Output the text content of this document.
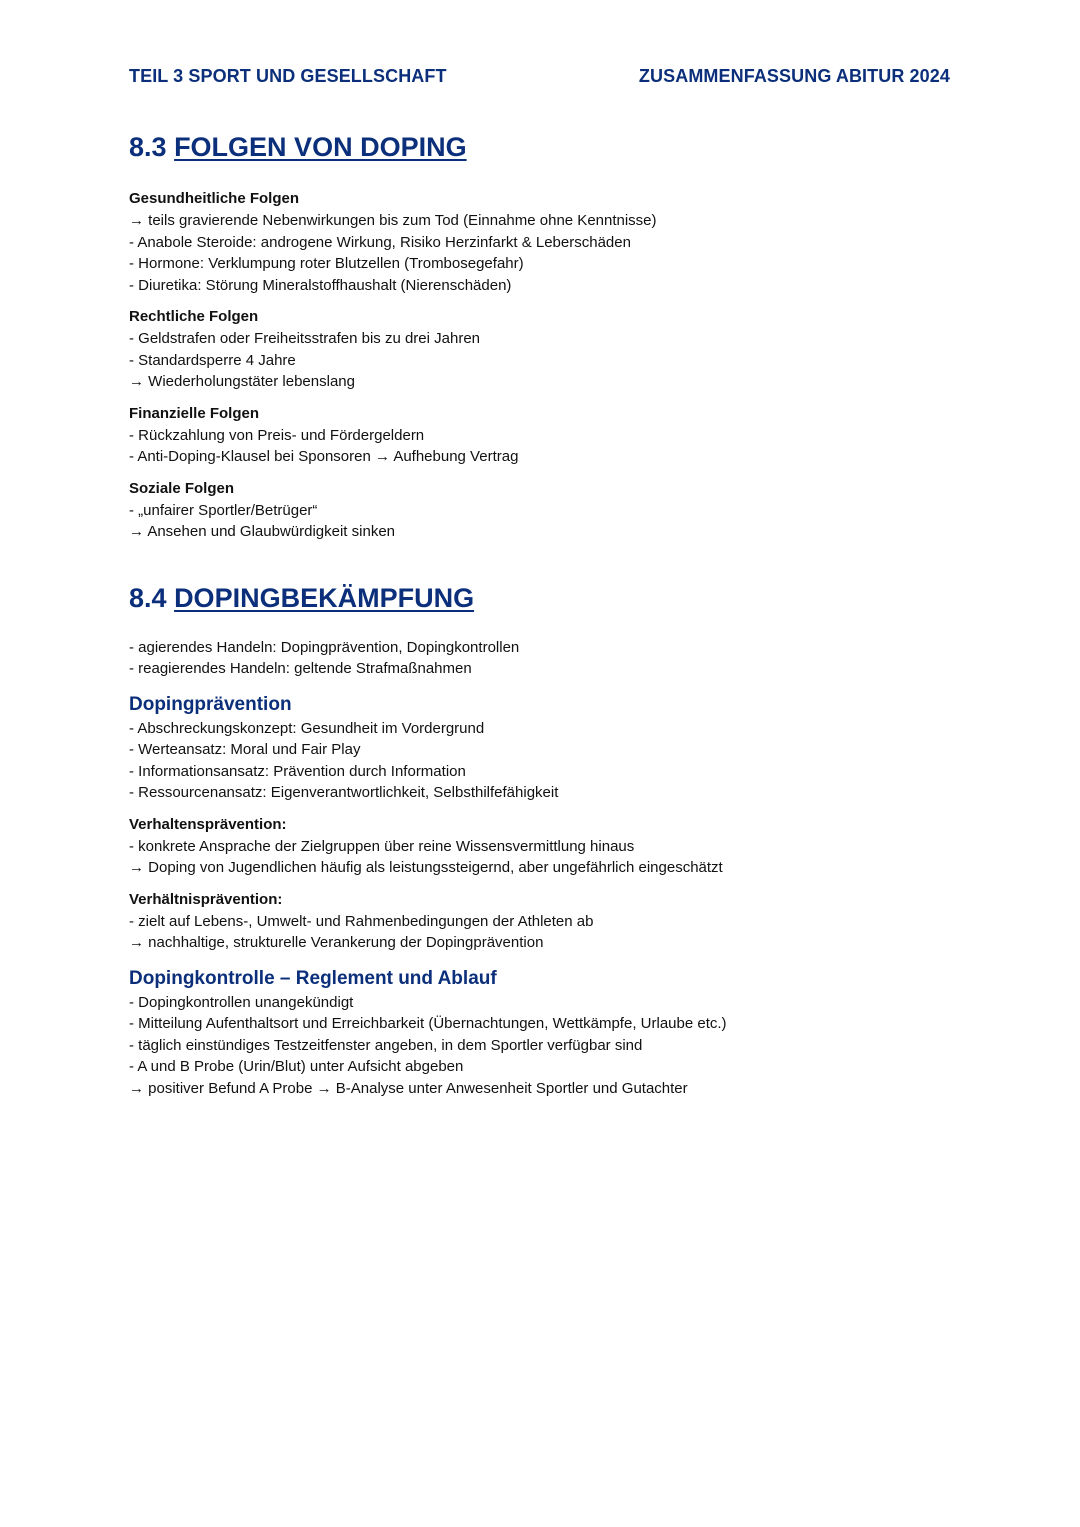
TEIL 3 SPORT UND GESELLSCHAFT	ZUSAMMENFASSUNG ABITUR 2024
8.3 FOLGEN VON DOPING
Gesundheitliche Folgen
→ teils gravierende Nebenwirkungen bis zum Tod (Einnahme ohne Kenntnisse)
- Anabole Steroide: androgene Wirkung, Risiko Herzinfarkt & Leberschäden
- Hormone: Verklumpung roter Blutzellen (Trombosegefahr)
- Diuretika: Störung Mineralstoffhaushalt (Nierenschäden)
Rechtliche Folgen
- Geldstrafen oder Freiheitsstrafen bis zu drei Jahren
- Standardsperre 4 Jahre
→ Wiederholungstäter lebenslang
Finanzielle Folgen
- Rückzahlung von Preis- und Fördergeldern
- Anti-Doping-Klausel bei Sponsoren → Aufhebung Vertrag
Soziale Folgen
- „unfairer Sportler/Betrüger“
→ Ansehen und Glaubwürdigkeit sinken
8.4 DOPINGBEKÄMPFUNG
- agierendes Handeln: Dopingprävention, Dopingkontrollen
- reagierendes Handeln: geltende Strafmaßnahmen
Dopingprävention
- Abschreckungskonzept: Gesundheit im Vordergrund
- Werteansatz: Moral und Fair Play
- Informationsansatz: Prävention durch Information
- Ressourcenansatz: Eigenverantwortlichkeit, Selbsthilfefähigkeit
Verhaltensprävention:
- konkrete Ansprache der Zielgruppen über reine Wissensvermittlung hinaus
→ Doping von Jugendlichen häufig als leistungssteigernd, aber ungefährlich eingeschätzt
Verhältnisprävention:
- zielt auf Lebens-, Umwelt- und Rahmenbedingungen der Athleten ab
→ nachhaltige, strukturelle Verankerung der Dopingprävention
Dopingkontrolle – Reglement und Ablauf
- Dopingkontrollen unangekündigt
- Mitteilung Aufenthaltsort und Erreichbarkeit (Übernachtungen, Wettkämpfe, Urlaube etc.)
- täglich einstündiges Testzeitfenster angeben, in dem Sportler verfügbar sind
- A und B Probe (Urin/Blut) unter Aufsicht abgeben
→ positiver Befund A Probe → B-Analyse unter Anwesenheit Sportler und Gutachter
